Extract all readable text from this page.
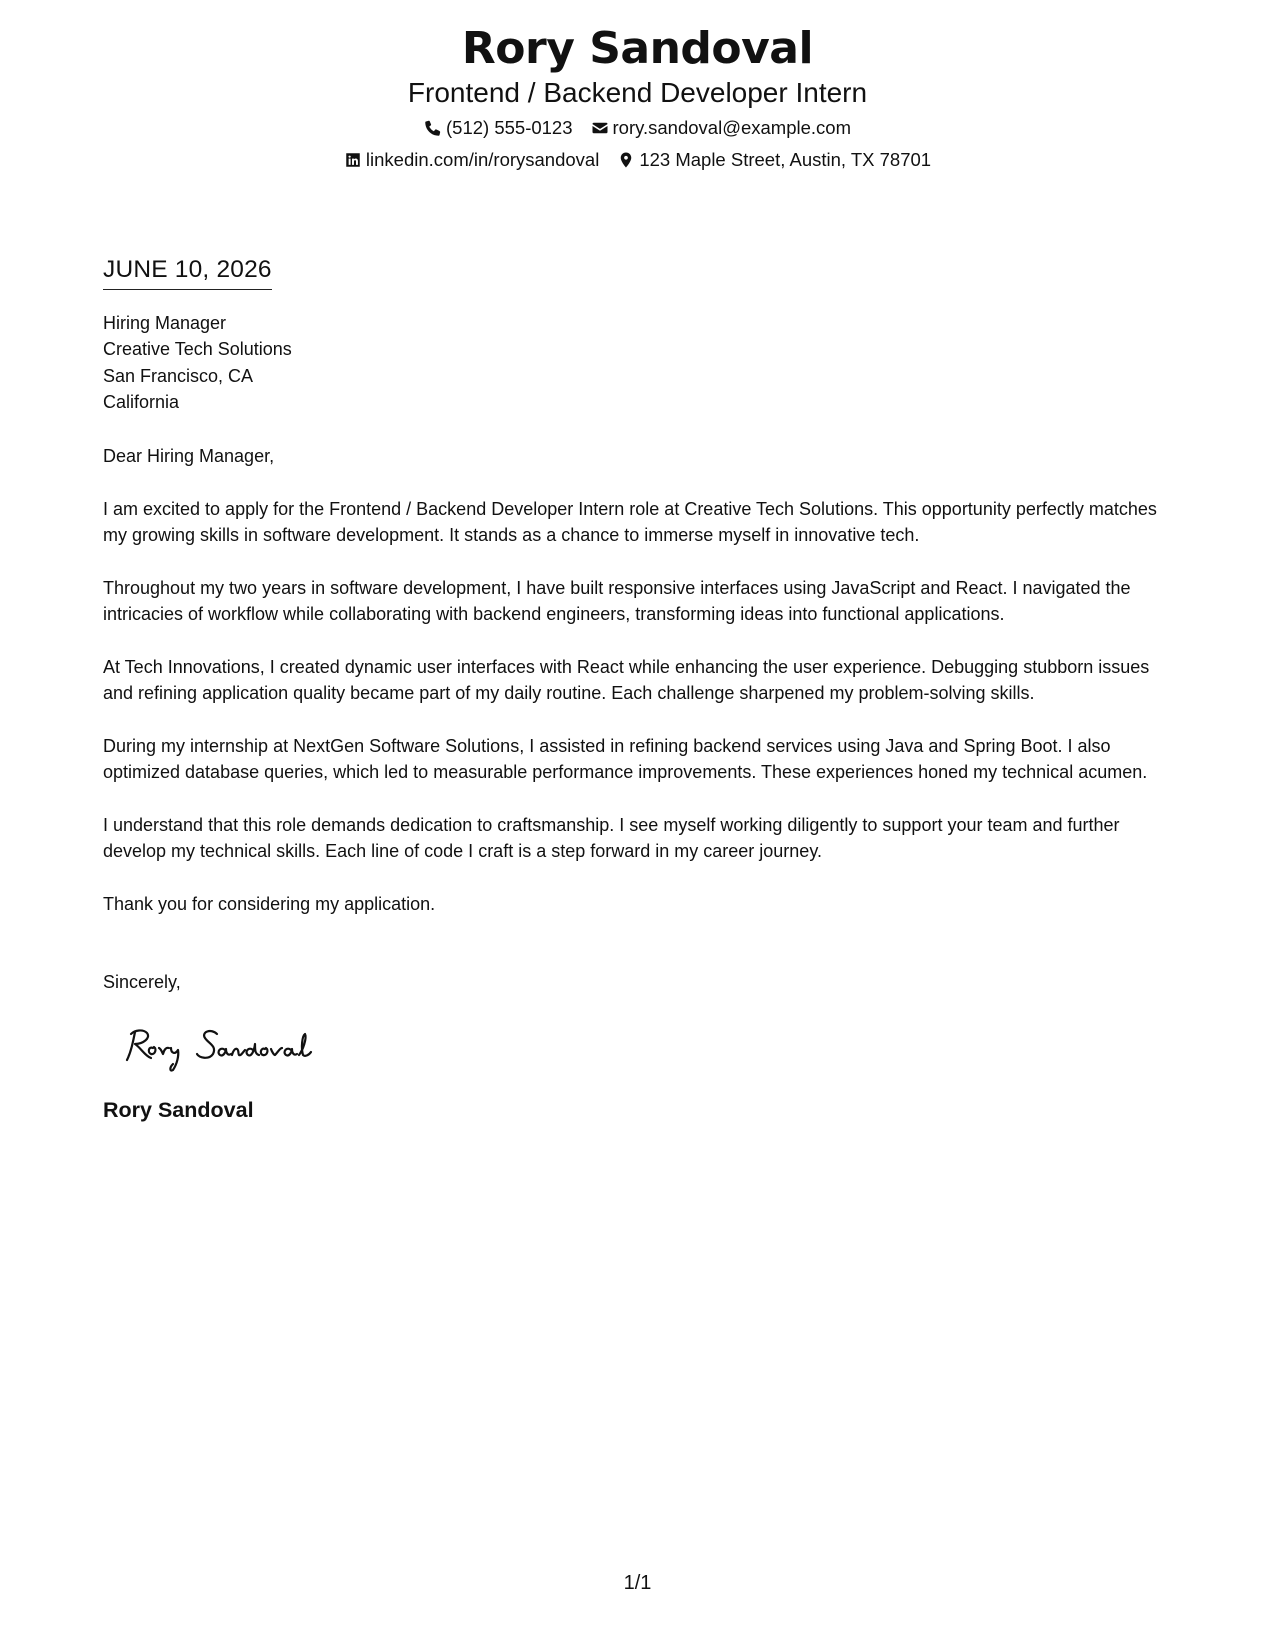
Rory Sandoval
Frontend / Backend Developer Intern
(512) 555-0123 rory.sandoval@example.com
linkedin.com/in/rorysandoval 123 Maple Street, Austin, TX 78701
JUNE 10, 2026
Hiring Manager
Creative Tech Solutions
San Francisco, CA
California
Dear Hiring Manager,
I am excited to apply for the Frontend / Backend Developer Intern role at Creative Tech Solutions. This opportunity perfectly matches my growing skills in software development. It stands as a chance to immerse myself in innovative tech.
Throughout my two years in software development, I have built responsive interfaces using JavaScript and React. I navigated the intricacies of workflow while collaborating with backend engineers, transforming ideas into functional applications.
At Tech Innovations, I created dynamic user interfaces with React while enhancing the user experience. Debugging stubborn issues and refining application quality became part of my daily routine. Each challenge sharpened my problem-solving skills.
During my internship at NextGen Software Solutions, I assisted in refining backend services using Java and Spring Boot. I also optimized database queries, which led to measurable performance improvements. These experiences honed my technical acumen.
I understand that this role demands dedication to craftsmanship. I see myself working diligently to support your team and further develop my technical skills. Each line of code I craft is a step forward in my career journey.
Thank you for considering my application.
Sincerely,
Rory Sandoval
1/1
